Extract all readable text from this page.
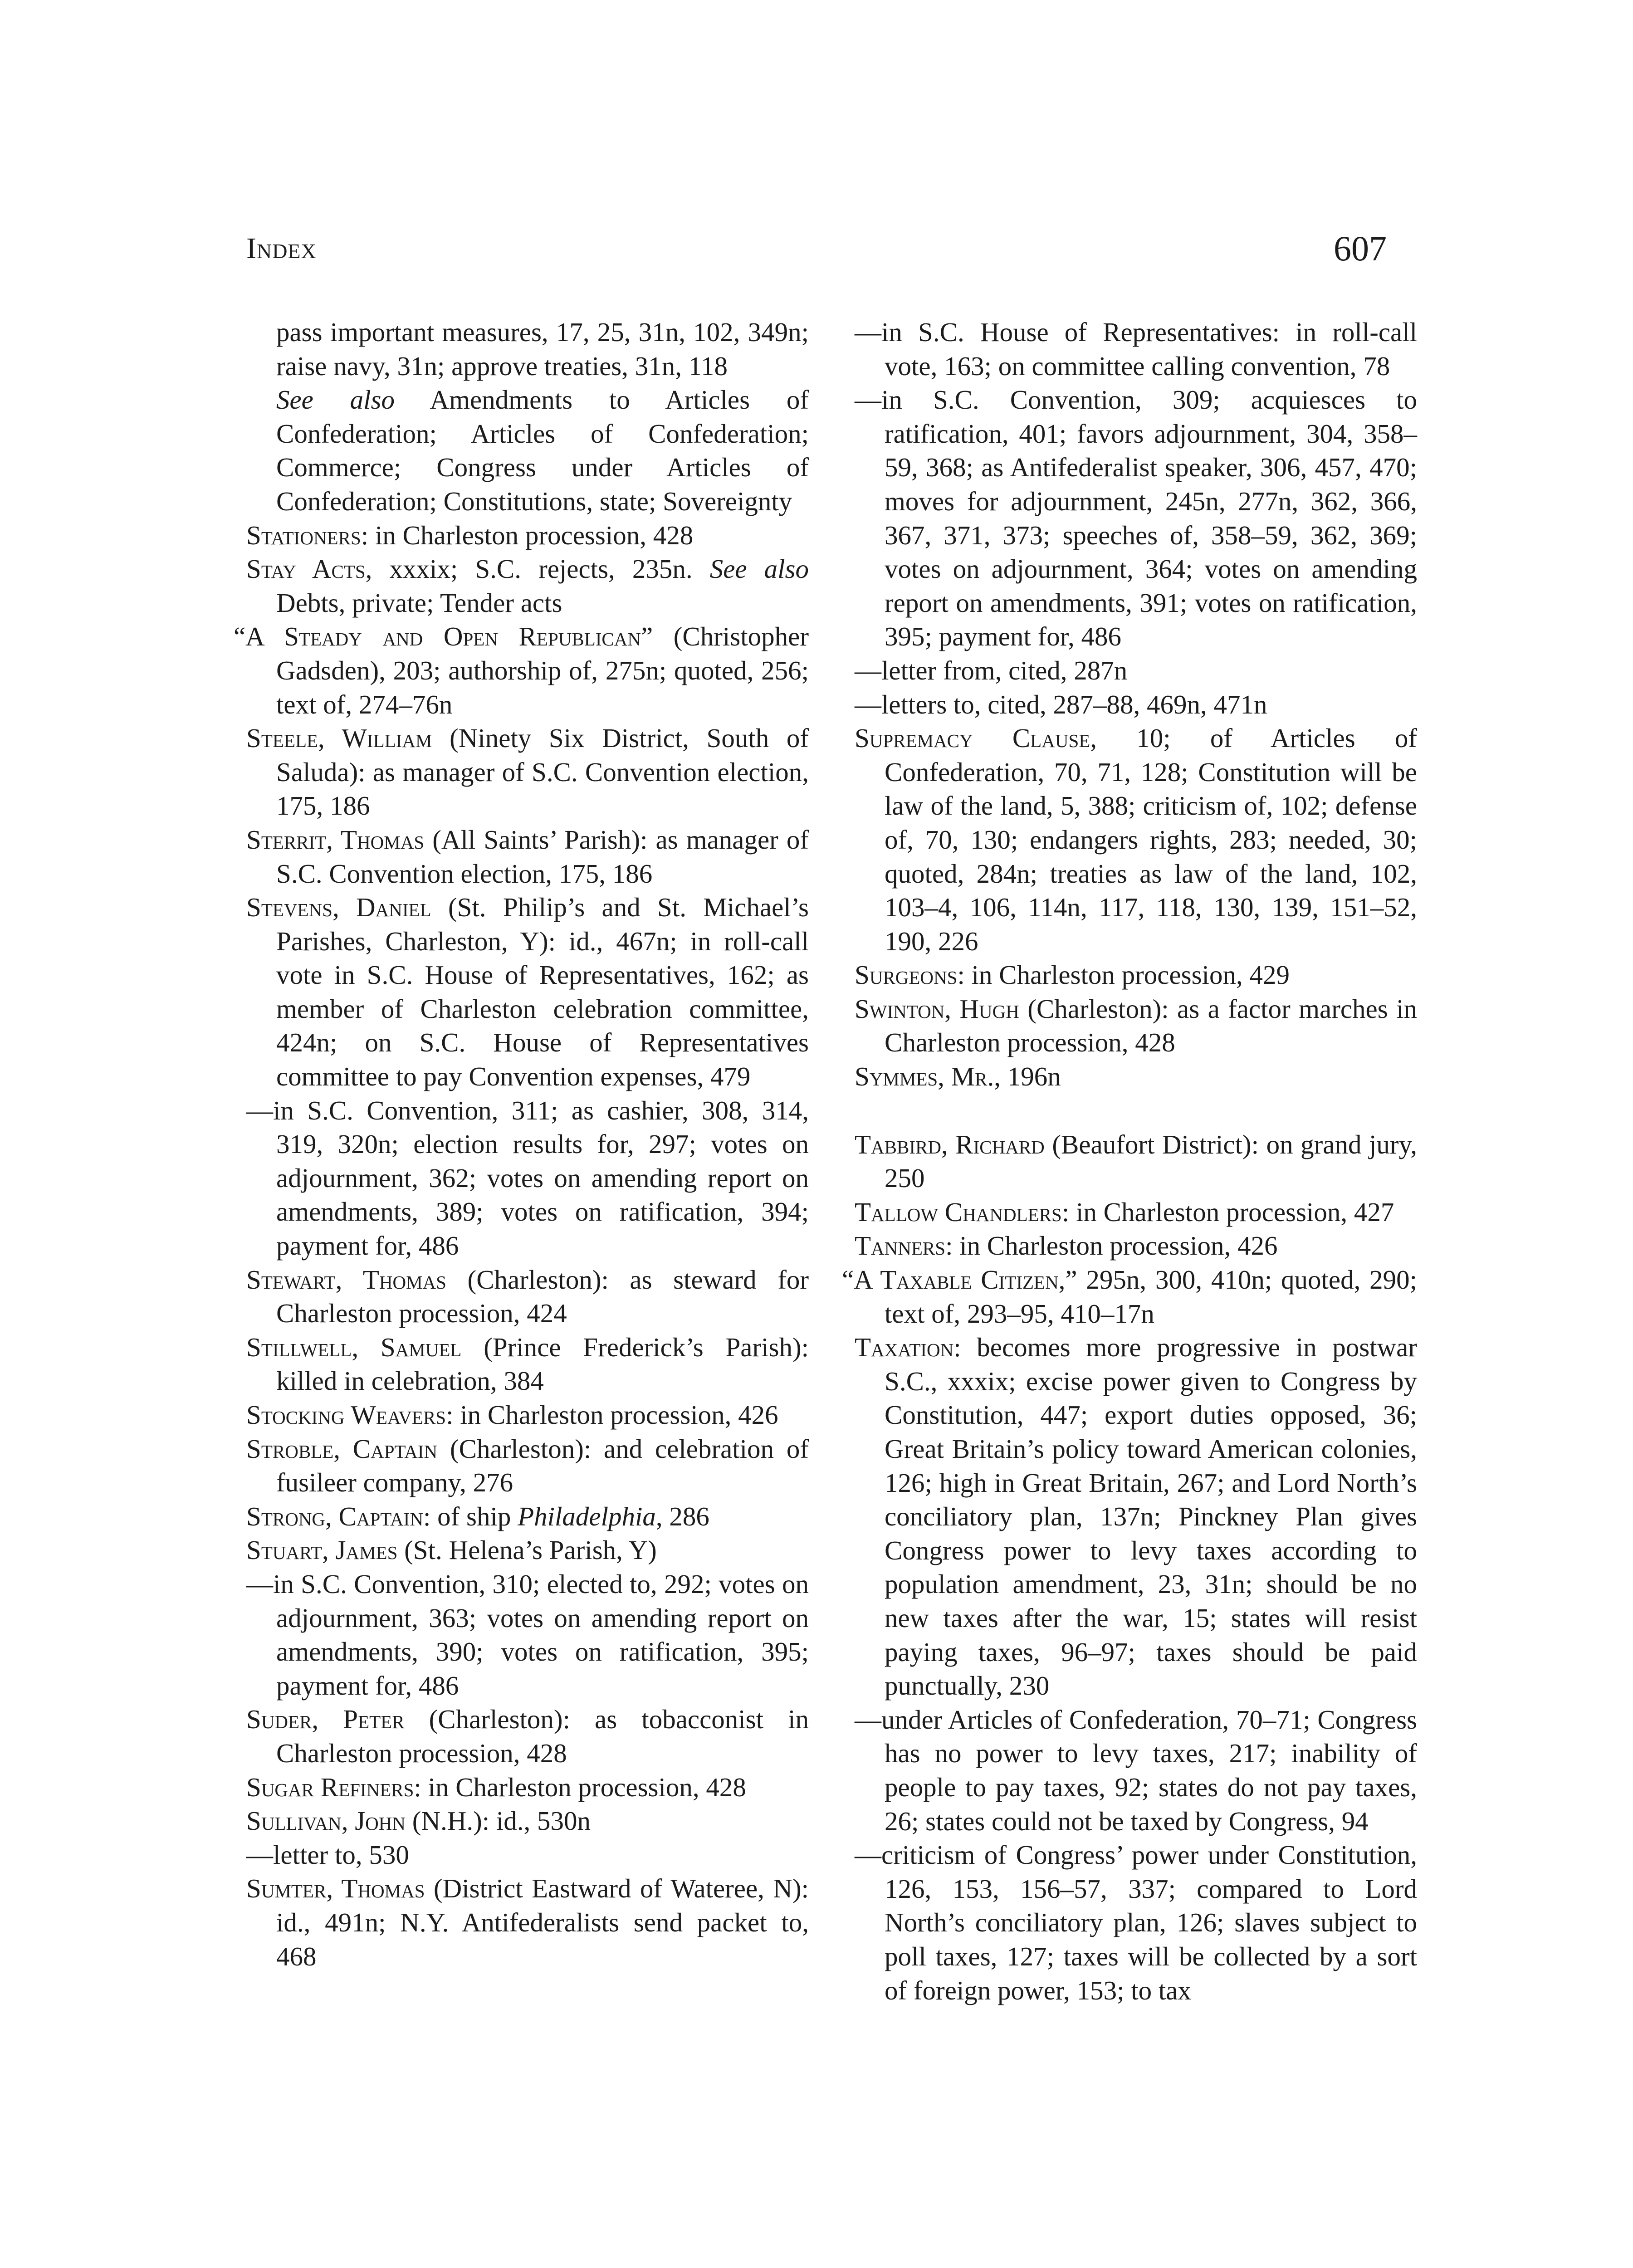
Index	607

pass important measures, 17, 25, 31n, 102, 349n; raise navy, 31n; approve treaties, 31n, 118

See also Amendments to Articles of Confederation; Articles of Confederation; Commerce; Congress under Articles of Confederation; Constitutions, state; Sovereignty

Stationers: in Charleston procession, 428

Stay Acts, xxxix; S.C. rejects, 235n. See also Debts, private; Tender acts

“A Steady and Open Republican” (Christopher Gadsden), 203; authorship of, 275n; quoted, 256; text of, 274–76n

Steele, William (Ninety Six District, South of Saluda): as manager of S.C. Convention election, 175, 186

Sterrit, Thomas (All Saints’ Parish): as manager of S.C. Convention election, 175, 186

Stevens, Daniel (St. Philip’s and St. Michael’s Parishes, Charleston, Y): id., 467n; in roll-call vote in S.C. House of Representatives, 162; as member of Charleston celebration committee, 424n; on S.C. House of Representatives committee to pay Convention expenses, 479

—in S.C. Convention, 311; as cashier, 308, 314, 319, 320n; election results for, 297; votes on adjournment, 362; votes on amending report on amendments, 389; votes on ratification, 394; payment for, 486

Stewart, Thomas (Charleston): as steward for Charleston procession, 424

Stillwell, Samuel (Prince Frederick’s Parish): killed in celebration, 384

Stocking Weavers: in Charleston procession, 426

Stroble, Captain (Charleston): and celebration of fusileer company, 276

Strong, Captain: of ship Philadelphia, 286

Stuart, James (St. Helena’s Parish, Y)

—in S.C. Convention, 310; elected to, 292; votes on adjournment, 363; votes on amending report on amendments, 390; votes on ratification, 395; payment for, 486

Suder, Peter (Charleston): as tobacconist in Charleston procession, 428

Sugar Refiners: in Charleston procession, 428

Sullivan, John (N.H.): id., 530n

—letter to, 530

Sumter, Thomas (District Eastward of Wateree, N): id., 491n; N.Y. Antifederalists send packet to, 468

—in S.C. House of Representatives: in roll-call vote, 163; on committee calling convention, 78

—in S.C. Convention, 309; acquiesces to ratification, 401; favors adjournment, 304, 358–59, 368; as Antifederalist speaker, 306, 457, 470; moves for adjournment, 245n, 277n, 362, 366, 367, 371, 373; speeches of, 358–59, 362, 369; votes on adjournment, 364; votes on amending report on amendments, 391; votes on ratification, 395; payment for, 486

—letter from, cited, 287n

—letters to, cited, 287–88, 469n, 471n

Supremacy Clause, 10; of Articles of Confederation, 70, 71, 128; Constitution will be law of the land, 5, 388; criticism of, 102; defense of, 70, 130; endangers rights, 283; needed, 30; quoted, 284n; treaties as law of the land, 102, 103–4, 106, 114n, 117, 118, 130, 139, 151–52, 190, 226

Surgeons: in Charleston procession, 429

Swinton, Hugh (Charleston): as a factor marches in Charleston procession, 428

Symmes, Mr., 196n

Tabbird, Richard (Beaufort District): on grand jury, 250

Tallow Chandlers: in Charleston procession, 427

Tanners: in Charleston procession, 426

“A Taxable Citizen,” 295n, 300, 410n; quoted, 290; text of, 293–95, 410–17n

Taxation: becomes more progressive in postwar S.C., xxxix; excise power given to Congress by Constitution, 447; export duties opposed, 36; Great Britain’s policy toward American colonies, 126; high in Great Britain, 267; and Lord North’s conciliatory plan, 137n; Pinckney Plan gives Congress power to levy taxes according to population amendment, 23, 31n; should be no new taxes after the war, 15; states will resist paying taxes, 96–97; taxes should be paid punctually, 230

—under Articles of Confederation, 70–71; Congress has no power to levy taxes, 217; inability of people to pay taxes, 92; states do not pay taxes, 26; states could not be taxed by Congress, 94

—criticism of Congress’ power under Constitution, 126, 153, 156–57, 337; compared to Lord North’s conciliatory plan, 126; slaves subject to poll taxes, 127; taxes will be collected by a sort of foreign power, 153; to tax
